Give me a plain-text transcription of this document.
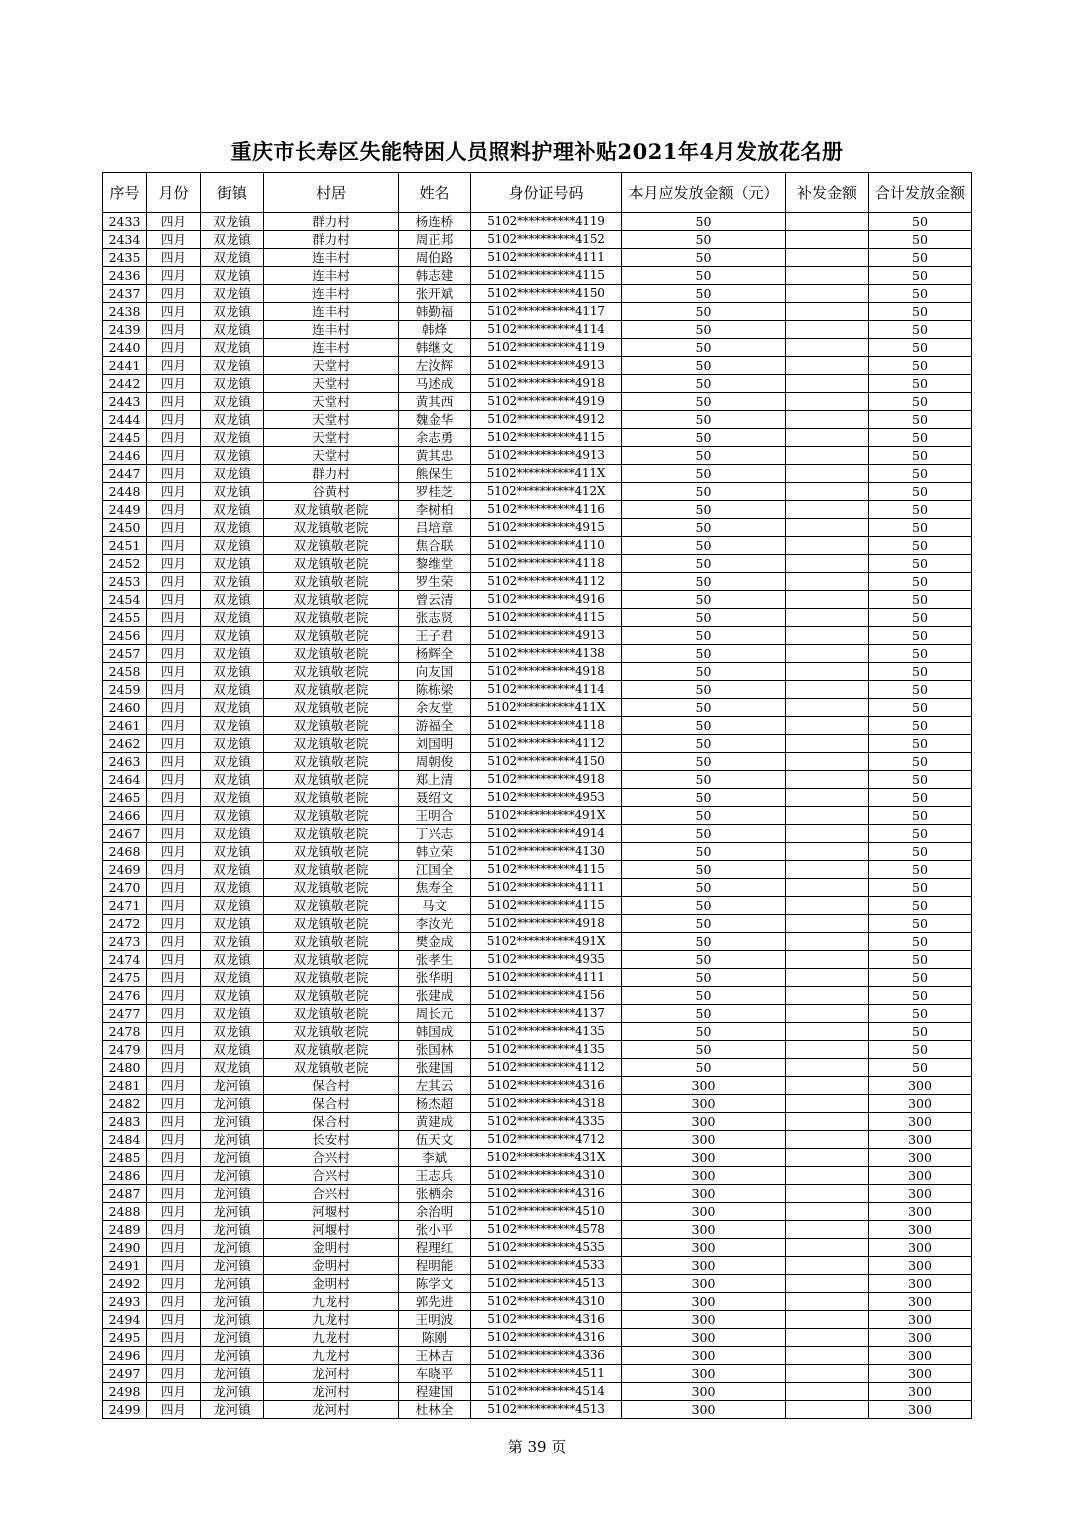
重庆市长寿区失能特困人员照料护理补贴2021年4月发放花名册
序号	月份	街镇	村居	姓名	身份证号码	本月应发放金额（元）	补发金额	合计发放金额
2433	四月	双龙镇	群力村	杨连桥	5102**********4119	50		50
2434	四月	双龙镇	群力村	周正邦	5102**********4152	50		50
2435	四月	双龙镇	连丰村	周伯路	5102**********4111	50		50
2436	四月	双龙镇	连丰村	韩志建	5102**********4115	50		50
2437	四月	双龙镇	连丰村	张开斌	5102**********4150	50		50
2438	四月	双龙镇	连丰村	韩勤福	5102**********4117	50		50
2439	四月	双龙镇	连丰村	韩烽	5102**********4114	50		50
2440	四月	双龙镇	连丰村	韩继文	5102**********4119	50		50
2441	四月	双龙镇	天堂村	左汝辉	5102**********4913	50		50
2442	四月	双龙镇	天堂村	马述成	5102**********4918	50		50
2443	四月	双龙镇	天堂村	黄其西	5102**********4919	50		50
2444	四月	双龙镇	天堂村	魏金华	5102**********4912	50		50
2445	四月	双龙镇	天堂村	余志勇	5102**********4115	50		50
2446	四月	双龙镇	天堂村	黄其忠	5102**********4913	50		50
2447	四月	双龙镇	群力村	熊保生	5102**********411X	50		50
2448	四月	双龙镇	谷黄村	罗桂芝	5102**********412X	50		50
2449	四月	双龙镇	双龙镇敬老院	李树柏	5102**********4116	50		50
2450	四月	双龙镇	双龙镇敬老院	吕培章	5102**********4915	50		50
2451	四月	双龙镇	双龙镇敬老院	焦合联	5102**********4110	50		50
2452	四月	双龙镇	双龙镇敬老院	黎维堂	5102**********4118	50		50
2453	四月	双龙镇	双龙镇敬老院	罗生荣	5102**********4112	50		50
2454	四月	双龙镇	双龙镇敬老院	曾云清	5102**********4916	50		50
2455	四月	双龙镇	双龙镇敬老院	张志贤	5102**********4115	50		50
2456	四月	双龙镇	双龙镇敬老院	王子君	5102**********4913	50		50
2457	四月	双龙镇	双龙镇敬老院	杨辉全	5102**********4138	50		50
2458	四月	双龙镇	双龙镇敬老院	向友国	5102**********4918	50		50
2459	四月	双龙镇	双龙镇敬老院	陈栋梁	5102**********4114	50		50
2460	四月	双龙镇	双龙镇敬老院	余友堂	5102**********411X	50		50
2461	四月	双龙镇	双龙镇敬老院	游福全	5102**********4118	50		50
2462	四月	双龙镇	双龙镇敬老院	刘国明	5102**********4112	50		50
2463	四月	双龙镇	双龙镇敬老院	周朝俊	5102**********4150	50		50
2464	四月	双龙镇	双龙镇敬老院	郑上清	5102**********4918	50		50
2465	四月	双龙镇	双龙镇敬老院	聂绍文	5102**********4953	50		50
2466	四月	双龙镇	双龙镇敬老院	王明合	5102**********491X	50		50
2467	四月	双龙镇	双龙镇敬老院	丁兴志	5102**********4914	50		50
2468	四月	双龙镇	双龙镇敬老院	韩立荣	5102**********4130	50		50
2469	四月	双龙镇	双龙镇敬老院	江国全	5102**********4115	50		50
2470	四月	双龙镇	双龙镇敬老院	焦寿全	5102**********4111	50		50
2471	四月	双龙镇	双龙镇敬老院	马文	5102**********4115	50		50
2472	四月	双龙镇	双龙镇敬老院	李汝光	5102**********4918	50		50
2473	四月	双龙镇	双龙镇敬老院	樊金成	5102**********491X	50		50
2474	四月	双龙镇	双龙镇敬老院	张孝生	5102**********4935	50		50
2475	四月	双龙镇	双龙镇敬老院	张华明	5102**********4111	50		50
2476	四月	双龙镇	双龙镇敬老院	张建成	5102**********4156	50		50
2477	四月	双龙镇	双龙镇敬老院	周长元	5102**********4137	50		50
2478	四月	双龙镇	双龙镇敬老院	韩国成	5102**********4135	50		50
2479	四月	双龙镇	双龙镇敬老院	张国林	5102**********4135	50		50
2480	四月	双龙镇	双龙镇敬老院	张建国	5102**********4112	50		50
2481	四月	龙河镇	保合村	左其云	5102**********4316	300		300
2482	四月	龙河镇	保合村	杨杰超	5102**********4318	300		300
2483	四月	龙河镇	保合村	黄建成	5102**********4335	300		300
2484	四月	龙河镇	长安村	伍天文	5102**********4712	300		300
2485	四月	龙河镇	合兴村	李斌	5102**********431X	300		300
2486	四月	龙河镇	合兴村	王志兵	5102**********4310	300		300
2487	四月	龙河镇	合兴村	张栖余	5102**********4316	300		300
2488	四月	龙河镇	河堰村	余治明	5102**********4510	300		300
2489	四月	龙河镇	河堰村	张小平	5102**********4578	300		300
2490	四月	龙河镇	金明村	程理红	5102**********4535	300		300
2491	四月	龙河镇	金明村	程明能	5102**********4533	300		300
2492	四月	龙河镇	金明村	陈学文	5102**********4513	300		300
2493	四月	龙河镇	九龙村	郭先进	5102**********4310	300		300
2494	四月	龙河镇	九龙村	王明波	5102**********4316	300		300
2495	四月	龙河镇	九龙村	陈刚	5102**********4316	300		300
2496	四月	龙河镇	九龙村	王林吉	5102**********4336	300		300
2497	四月	龙河镇	龙河村	车晓平	5102**********4511	300		300
2498	四月	龙河镇	龙河村	程建国	5102**********4514	300		300
2499	四月	龙河镇	龙河村	杜林全	5102**********4513	300		300
第 39 页
